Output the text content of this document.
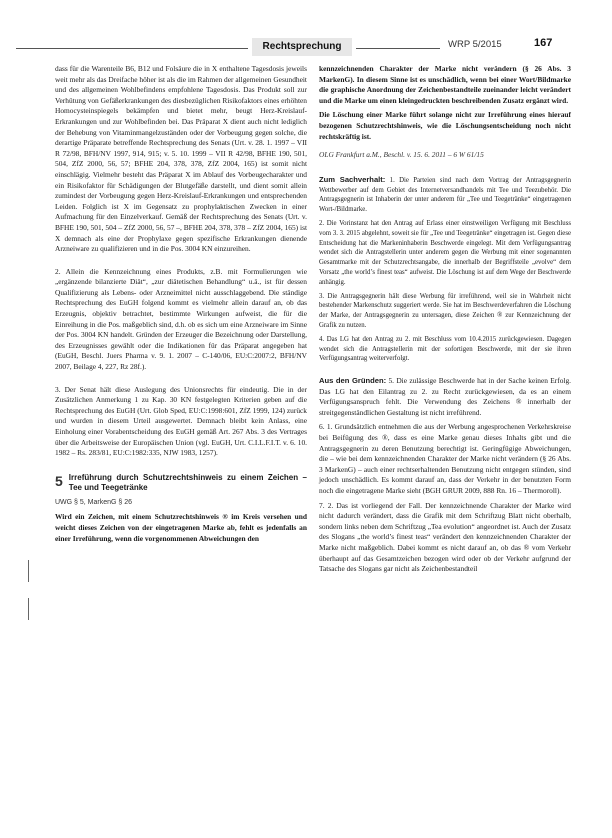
Rechtsprechung	WRP 5/2015	167

dass für die Warenteile B6, B12 und Folsäure die in X enthaltene Tagesdosis jeweils weit mehr als das Dreifache höher ist als die im Rahmen der allgemeinen Gesundheit und des allgemeinen Wohlbefindens empfohlene Tagesdosis. Das Produkt soll zur Verhütung von Gefäßerkrankungen des diesbezüglichen Risikofaktors eines erhöhten Homocysteinspiegels bekämpfen und bietet mehr, beugt Herz-Kreislauf-Erkrankungen und zur Wohlbefinden bei. Das Präparat X dient auch nicht lediglich der Behebung von Vitaminmangelzuständen oder der Vorbeugung gegen solche, die derartige Präparate betreffende Rechtsprechung des Senats (Urt. v. 28. 1. 1997 – VII R 72/98, BFH/NV 1997, 914, 915; v. 5. 10. 1999 – VII R 42/98, BFHE 190, 501, 504, ZfZ 2000, 56, 57; BFHE 204, 378, 378, ZfZ 2004, 165) ist somit nicht einschlägig. Vielmehr besteht das Präparat X im Ablauf des Vorbeugecharakter und ein Risikofaktor für Schädigungen der Blutgefäße darstellt, und dient somit allein zumindest der Vorbeugung gegen Herz-Kreislauf-Erkrankungen und entsprechenden Leiden. Folglich ist X im Gegensatz zu prophylaktischen Zwecken in einer Aufmachung für den Einzelverkauf. Gemäß der Rechtsprechung des Senats (Urt. v. BFHE 190, 501, 504 – ZfZ 2000, 56, 57 –, BFHE 204, 378, 378 – ZfZ 2004, 165) ist X demnach als eine der Prophylaxe gegen spezifische Erkrankungen dienende Arzneiware zu qualifizieren und in die Pos. 3004 KN einzureihen.

2. Allein die Kennzeichnung eines Produkts, z.B. mit Formulierungen wie „ergänzende bilanzierte Diät“, „zur diätetischen Behandlung“ u.ä., ist für dessen Qualifizierung als Lebens- oder Arzneimittel nicht ausschlaggebend. Die ständige Rechtsprechung des EuGH folgend kommt es vielmehr allein darauf an, ob das Erzeugnis, objektiv betrachtet, bestimmte Wirkungen aufweist, die für die Einreihung in die Pos. maßgeblich sind, d.h. ob es sich um eine Arzneiware im Sinne der Pos. 3004 KN handelt. Gründen der Erzeuger die Bezeichnung oder Darstellung, des Erzeugnisses gewählt oder die Indikationen für das Präparat angegeben hat (EuGH, Beschl. Juers Pharma v. 9. 1. 2007 – C-140/06, EU:C:2007:2, BFH/NV 2007, Beilage 4, 227, Rz 28f.).

3. Der Senat hält diese Auslegung des Unionsrechts für eindeutig. Die in der Zusätzlichen Anmerkung 1 zu Kap. 30 KN festgelegten Kriterien geben auf die Rechtsprechung des EuGH (Urt. Glob Sped, EU:C:1998:601, ZfZ 1999, 124) zurück und wurden in diesem Urteil ausgewertet. Demnach bleibt kein Anlass, eine Einholung einer Vorabentscheidung des EuGH gemäß Art. 267 Abs. 3 des Vertrages über die Arbeitsweise der Europäischen Union (vgl. EuGH, Urt. C.I.L.F.I.T. v. 6. 10. 1982 – Rs. 283/81, EU:C:1982:335, NJW 1983, 1257).

5 Irreführung durch Schutzrechtshinweis zu einem Zeichen – Tee und Teegetränke

UWG § 5, MarkenG § 26

Wird ein Zeichen, mit einem Schutzrechtshinweis ® im Kreis versehen und weicht dieses Zeichen von der eingetragenen Marke ab, fehlt es jedenfalls an einer Irreführung, wenn die vorgenommenen Abweichungen den

kennzeichnenden Charakter der Marke nicht verändern (§ 26 Abs. 3 MarkenG). In diesem Sinne ist es unschädlich, wenn bei einer Wort/Bildmarke die graphische Anordnung der Zeichenbestandteile zueinander leicht verändert und die Marke um einen kleingedruckten beschreibenden Zusatz ergänzt wird.

Die Löschung einer Marke führt solange nicht zur Irreführung eines hierauf bezogenen Schutzrechtshinweis, wie die Löschungsentscheidung noch nicht rechtskräftig ist.

OLG Frankfurt a.M., Beschl. v. 15. 6. 2011 – 6 W 61/15

Zum Sachverhalt: 1. Die Parteien sind nach dem Vortrag der Antragsgegnerin Wettbewerber auf dem Gebiet des Internetversandhandels mit Tee und Teezubehör. Die Antragsgegnerin ist Inhaberin der unter anderem für „Tee und Teegetränke“ eingetragenen Wort-/Bildmarke.

2. Die Vorinstanz hat den Antrag auf Erlass einer einstweiligen Verfügung mit Beschluss vom 3. 3. 2015 abgelehnt, soweit sie für „Tee und Teegetränke“ eingetragen ist. Gegen diese Entscheidung hat die Markeninhaberin Beschwerde eingelegt. Mit dem Verfügungsantrag wendet sich die Antragstellerin unter anderem gegen die Werbung mit einer sogenannten Gesamtmarke mit der Schutzrechtsangabe, die innerhalb der Begriffsteile „evolve“ dem Vorsatz „the world’s finest teas“ aufweist. Die Löschung ist auf dem Wege der Beschwerde anhängig.

3. Die Antragsgegnerin hält diese Werbung für irreführend, weil sie in Wahrheit nicht bestehender Markenschutz suggeriert werde. Sie hat im Beschwerdeverfahren die Löschung der Marke, der Antragsgegnerin zu untersagen, diese Zeichen ® zur Kennzeichnung der Grafik zu nutzen.

4. Das LG hat den Antrag zu 2. mit Beschluss vom 10.4.2015 zurückgewiesen. Dagegen wendet sich die Antragstellerin mit der sofortigen Beschwerde, mit der sie ihren Verfügungsantrag weiterverfolgt.

Aus den Gründen: 5. Die zulässige Beschwerde hat in der Sache keinen Erfolg. Das LG hat den Eilantrag zu 2. zu Recht zurückgewiesen, da es an einem Verfügungsanspruch fehlt. Die Verwendung des Zeichens ® innerhalb der streitgegenständlichen Gestaltung ist nicht irreführend.

6. 1. Grundsätzlich entnehmen die aus der Werbung angesprochenen Verkehrskreise bei Beifügung des ®, dass es eine Marke genau dieses Inhalts gibt und die Antragsgegnerin zu deren Benutzung berechtigt ist. Geringfügige Abweichungen, die – wie bei dem kennzeichnenden Charakter der Marke nicht verändern (§ 26 Abs. 3 MarkenG) – auch einer rechtserhaltenden Benutzung nicht entgegen stünden, sind jedoch unschädlich. Es kommt darauf an, dass der Verkehr in der benutzten Form noch die eingetragene Marke sieht (BGH GRUR 2009, 888 Rn. 16 – Thermoroll).

7. 2. Das ist vorliegend der Fall. Der kennzeichnende Charakter der Marke wird nicht dadurch verändert, dass die Grafik mit dem Schriftzug Blatt nicht oberhalb, sondern links neben dem Schriftzug „Tea evolution“ angeordnet ist. Auch der Zusatz des Slogans „the world’s finest teas“ verändert den kennzeichnenden Charakter der Marke nicht maßgeblich. Dabei kommt es nicht darauf an, ob das ® vom Verkehr überhaupt auf das Gesamtzeichen bezogen wird oder ob der Verkehr aufgrund der Tatsache des Slogans gar nicht als Zeichenbestandteil
